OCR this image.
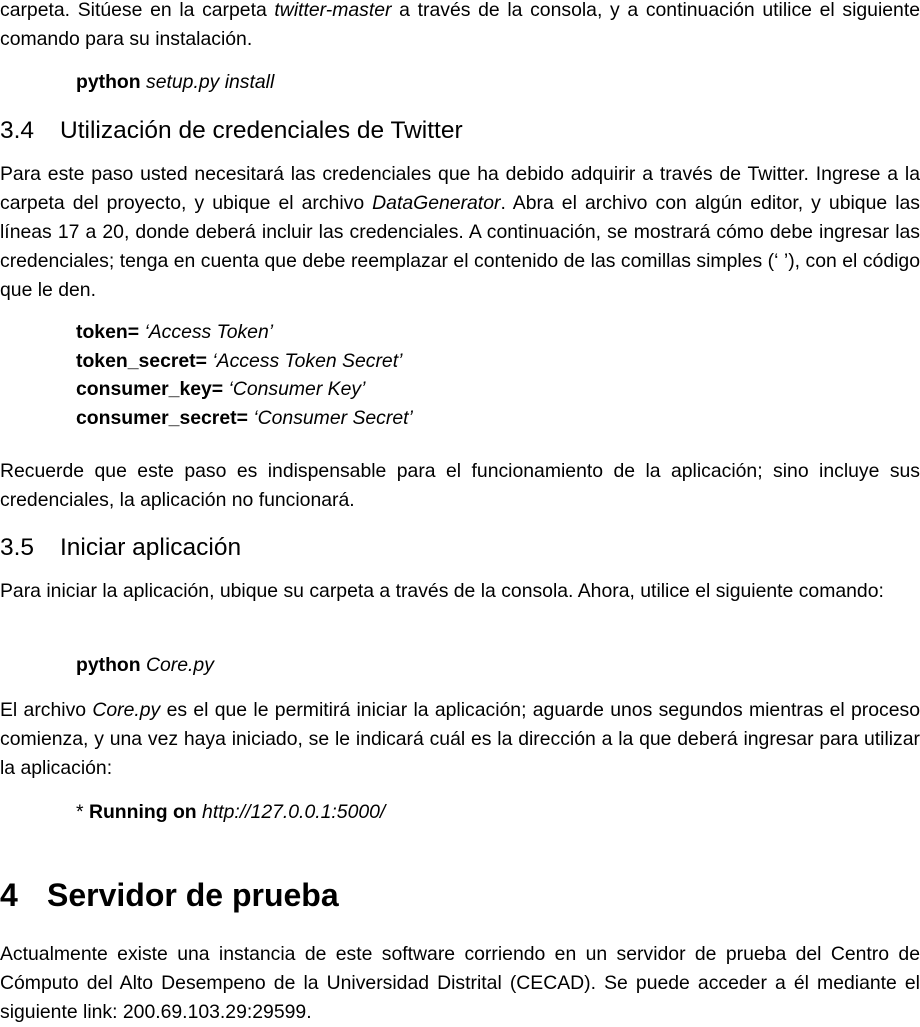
carpeta. Sitúese en la carpeta twitter-master a través de la consola, y a continuación utilice el siguiente comando para su instalación.

python setup.py install
3.4 Utilización de credenciales de Twitter

Para este paso usted necesitará las credenciales que ha debido adquirir a través de Twitter. Ingrese a la carpeta del proyecto, y ubique el archivo DataGenerator. Abra el archivo con algún editor, y ubique las líneas 17 a 20, donde deberá incluir las credenciales. A continuación, se mostrará cómo debe ingresar las credenciales; tenga en cuenta que debe reemplazar el contenido de las comillas simples (‘ ’), con el código que le den.

token= ‘Access Token’
token_secret= ‘Access Token Secret’
consumer_key= ‘Consumer Key’
consumer_secret= ‘Consumer Secret’

Recuerde que este paso es indispensable para el funcionamiento de la aplicación; sino incluye sus credenciales, la aplicación no funcionará.

3.5 Iniciar aplicación

Para iniciar la aplicación, ubique su carpeta a través de la consola. Ahora, utilice el siguiente comando:

python Core.py

El archivo Core.py es el que le permitirá iniciar la aplicación; aguarde unos segundos mientras el proceso comienza, y una vez haya iniciado, se le indicará cuál es la dirección a la que deberá ingresar para utilizar la aplicación:

* Running on http://127.0.0.1:5000/
4 Servidor de prueba

Actualmente existe una instancia de este software corriendo en un servidor de prueba del Centro de Cómputo del Alto Desempeno de la Universidad Distrital (CECAD). Se puede acceder a él mediante el siguiente link: 200.69.103.29:29599.
